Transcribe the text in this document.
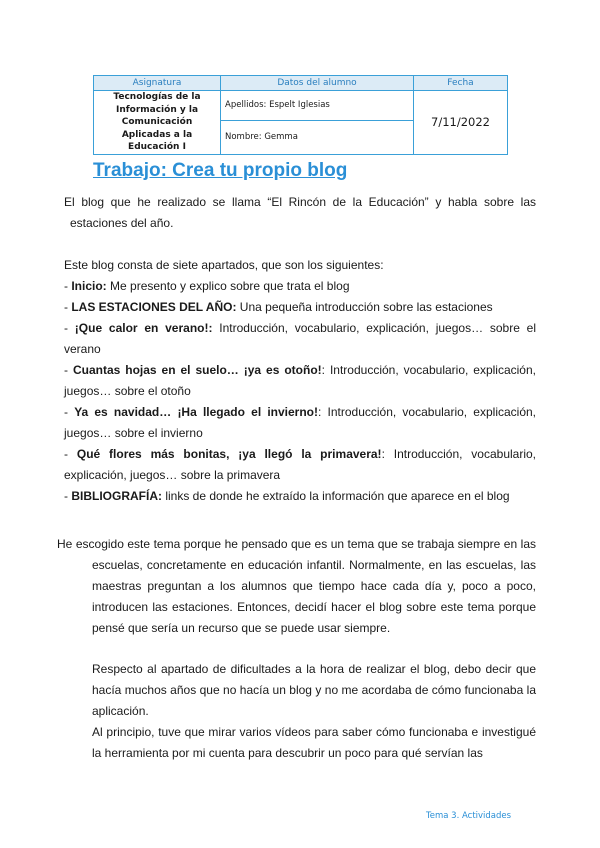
Asignatura	Datos del alumno	Fecha
Tecnologías de la Información y la Comunicación Aplicadas a la Educación I	Apellidos: Espelt Iglesias	7/11/2022
	Nombre: Gemma	
Trabajo: Crea tu propio blog

El blog que he realizado se llama “El Rincón de la Educación” y habla sobre las estaciones del año.

Este blog consta de siete apartados, que son los siguientes:

- Inicio: Me presento y explico sobre que trata el blog
- LAS ESTACIONES DEL AÑO: Una pequeña introducción sobre las estaciones
- ¡Que calor en verano!: Introducción, vocabulario, explicación, juegos… sobre el verano
- Cuantas hojas en el suelo… ¡ya es otoño!: Introducción, vocabulario, explicación, juegos… sobre el otoño
- Ya es navidad… ¡Ha llegado el invierno!: Introducción, vocabulario, explicación, juegos… sobre el invierno
- Qué flores más bonitas, ¡ya llegó la primavera!: Introducción, vocabulario, explicación, juegos… sobre la primavera
- BIBLIOGRAFÍA: links de donde he extraído la información que aparece en el blog

He escogido este tema porque he pensado que es un tema que se trabaja siempre en las escuelas, concretamente en educación infantil. Normalmente, en las escuelas, las maestras preguntan a los alumnos que tiempo hace cada día y, poco a poco, introducen las estaciones. Entonces, decidí hacer el blog sobre este tema porque pensé que sería un recurso que se puede usar siempre.

Respecto al apartado de dificultades a la hora de realizar el blog, debo decir que hacía muchos años que no hacía un blog y no me acordaba de cómo funcionaba la aplicación.

Al principio, tuve que mirar varios vídeos para saber cómo funcionaba e investigué la herramienta por mi cuenta para descubrir un poco para qué servían las

Tema 3. Actividades
